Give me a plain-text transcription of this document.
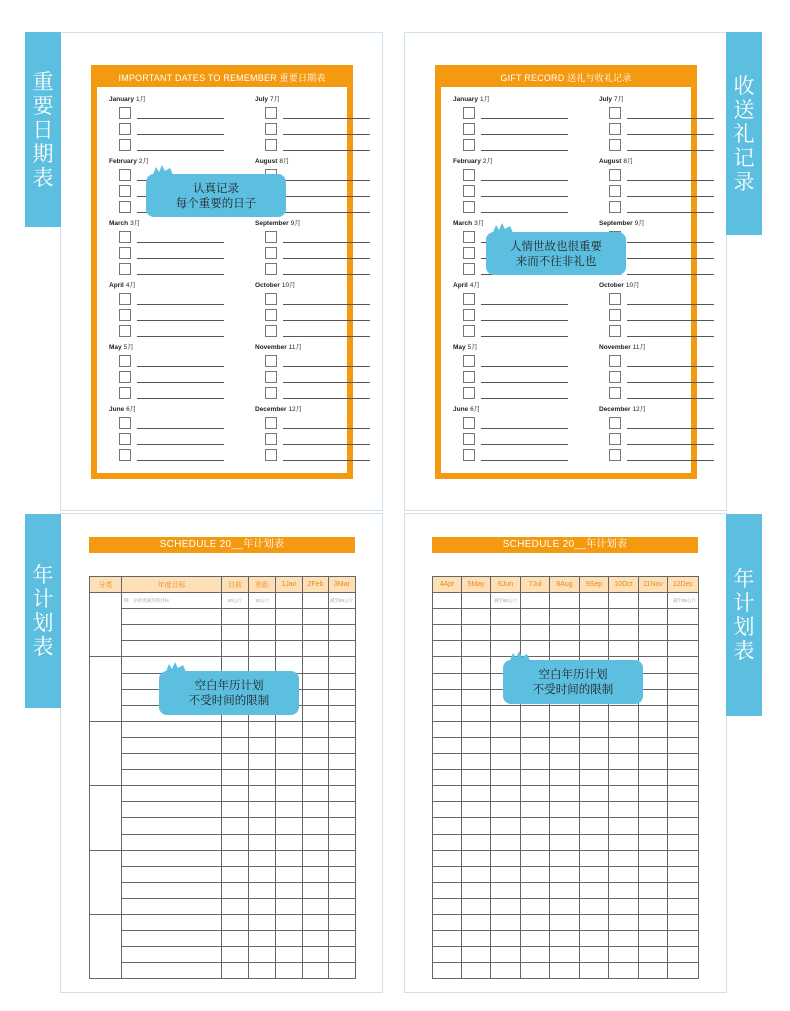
重
要
日
期
表
IMPORTANT DATES TO REMEMBER 重要日期表
January 1月
February 2月
March 3月
April 4月
May 5月
June 6月
July 7月
August 8月
September 9月
October 10月
November 11月
December 12月
认真记录
每个重要的日子
收
送
礼
记
录
GIFT RECORD 送礼与收礼记录
January 1月
February 2月
March 3月
April 4月
May 5月
June 6月
July 7月
August 8月
September 9月
October 10月
November 11月
December 12月
人情世故也很重要
来而不往非礼也
年
计
划
表
SCHEDULE 20__年计划表
分类	年度目标	目前	差距	1Jan	2Feb	3Mar
	例：存款更减至的目标	60公斤	15公斤			减至55公斤

空白年历计划
不受时间的限制
年
计
划
表
SCHEDULE 20__年计划表
4Apr	5May	6Jun	7Jul	8Aug	9Sep	10Oct	11Nov	12Dec
		减至60公斤						减至55公斤

空白年历计划
不受时间的限制
